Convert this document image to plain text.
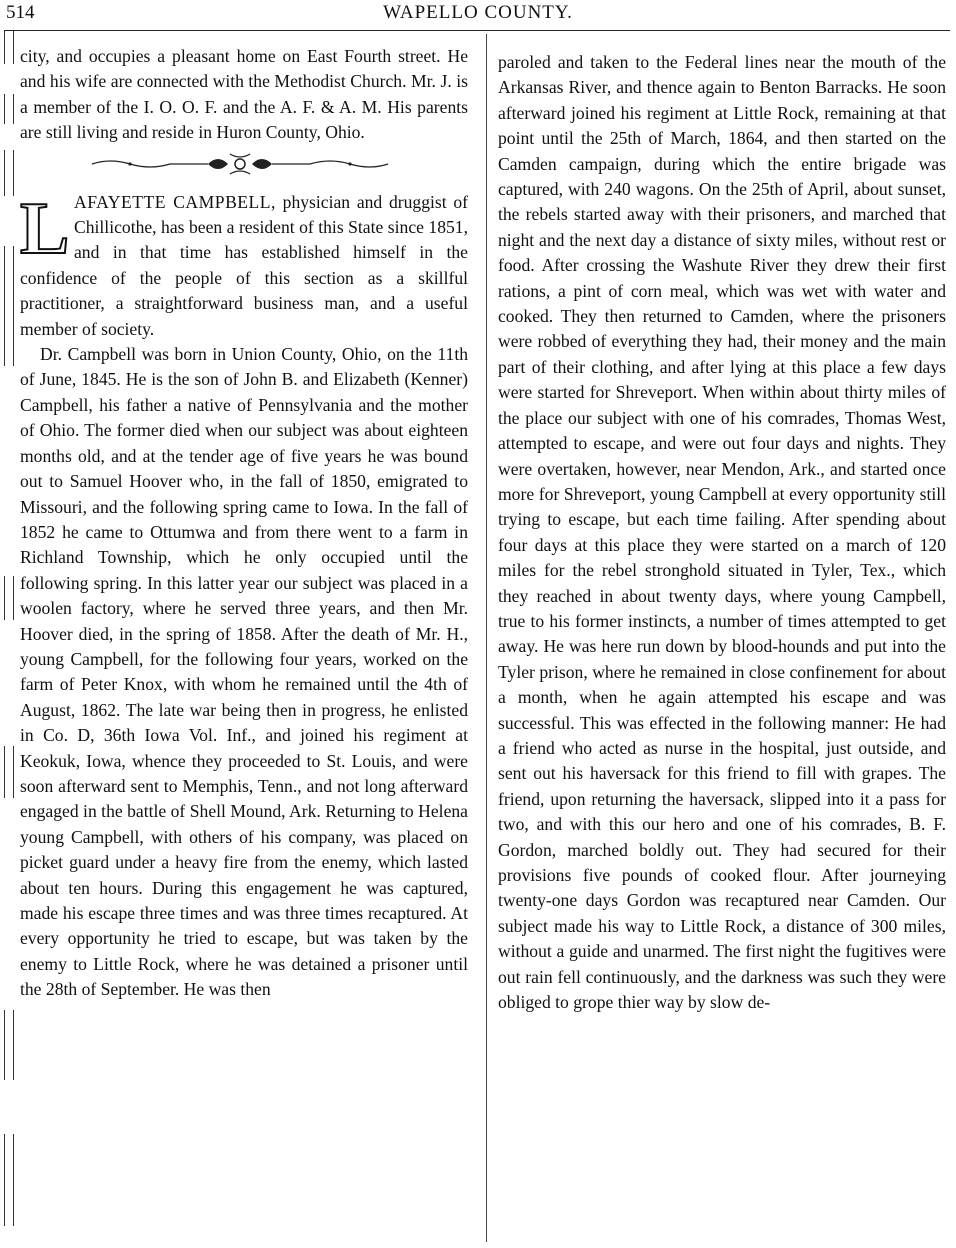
514	WAPELLO COUNTY.

city, and occupies a pleasant home on East Fourth street. He and his wife are connected with the Methodist Church. Mr. J. is a member of the I. O. O. F. and the A. F. & A. M. His parents are still living and reside in Huron County, Ohio.

LAFAYETTE CAMPBELL, physician and druggist of Chillicothe, has been a resident of this State since 1851, and in that time has established himself in the confidence of the people of this section as a skillful practitioner, a straightforward business man, and a useful member of society.

Dr. Campbell was born in Union County, Ohio, on the 11th of June, 1845. He is the son of John B. and Elizabeth (Kenner) Campbell, his father a native of Pennsylvania and the mother of Ohio. The former died when our subject was about eighteen months old, and at the tender age of five years he was bound out to Samuel Hoover who, in the fall of 1850, emigrated to Missouri, and the following spring came to Iowa. In the fall of 1852 he came to Ottumwa and from there went to a farm in Richland Township, which he only occupied until the following spring. In this latter year our subject was placed in a woolen factory, where he served three years, and then Mr. Hoover died, in the spring of 1858. After the death of Mr. H., young Campbell, for the following four years, worked on the farm of Peter Knox, with whom he remained until the 4th of August, 1862. The late war being then in progress, he enlisted in Co. D, 36th Iowa Vol. Inf., and joined his regiment at Keokuk, Iowa, whence they proceeded to St. Louis, and were soon afterward sent to Memphis, Tenn., and not long afterward engaged in the battle of Shell Mound, Ark. Returning to Helena young Campbell, with others of his company, was placed on picket guard under a heavy fire from the enemy, which lasted about ten hours. During this engagement he was captured, made his escape three times and was three times recaptured. At every opportunity he tried to escape, but was taken by the enemy to Little Rock, where he was detained a prisoner until the 28th of September. He was then

paroled and taken to the Federal lines near the mouth of the Arkansas River, and thence again to Benton Barracks. He soon afterward joined his regiment at Little Rock, remaining at that point until the 25th of March, 1864, and then started on the Camden campaign, during which the entire brigade was captured, with 240 wagons. On the 25th of April, about sunset, the rebels started away with their prisoners, and marched that night and the next day a distance of sixty miles, without rest or food. After crossing the Washute River they drew their first rations, a pint of corn meal, which was wet with water and cooked. They then returned to Camden, where the prisoners were robbed of everything they had, their money and the main part of their clothing, and after lying at this place a few days were started for Shreveport. When within about thirty miles of the place our subject with one of his comrades, Thomas West, attempted to escape, and were out four days and nights. They were overtaken, however, near Mendon, Ark., and started once more for Shreveport, young Campbell at every opportunity still trying to escape, but each time failing. After spending about four days at this place they were started on a march of 120 miles for the rebel stronghold situated in Tyler, Tex., which they reached in about twenty days, where young Campbell, true to his former instincts, a number of times attempted to get away. He was here run down by blood-hounds and put into the Tyler prison, where he remained in close confinement for about a month, when he again attempted his escape and was successful. This was effected in the following manner: He had a friend who acted as nurse in the hospital, just outside, and sent out his haversack for this friend to fill with grapes. The friend, upon returning the haversack, slipped into it a pass for two, and with this our hero and one of his comrades, B. F. Gordon, marched boldly out. They had secured for their provisions five pounds of cooked flour. After journeying twenty-one days Gordon was recaptured near Camden. Our subject made his way to Little Rock, a distance of 300 miles, without a guide and unarmed. The first night the fugitives were out rain fell continuously, and the darkness was such they were obliged to grope thier way by slow de-
